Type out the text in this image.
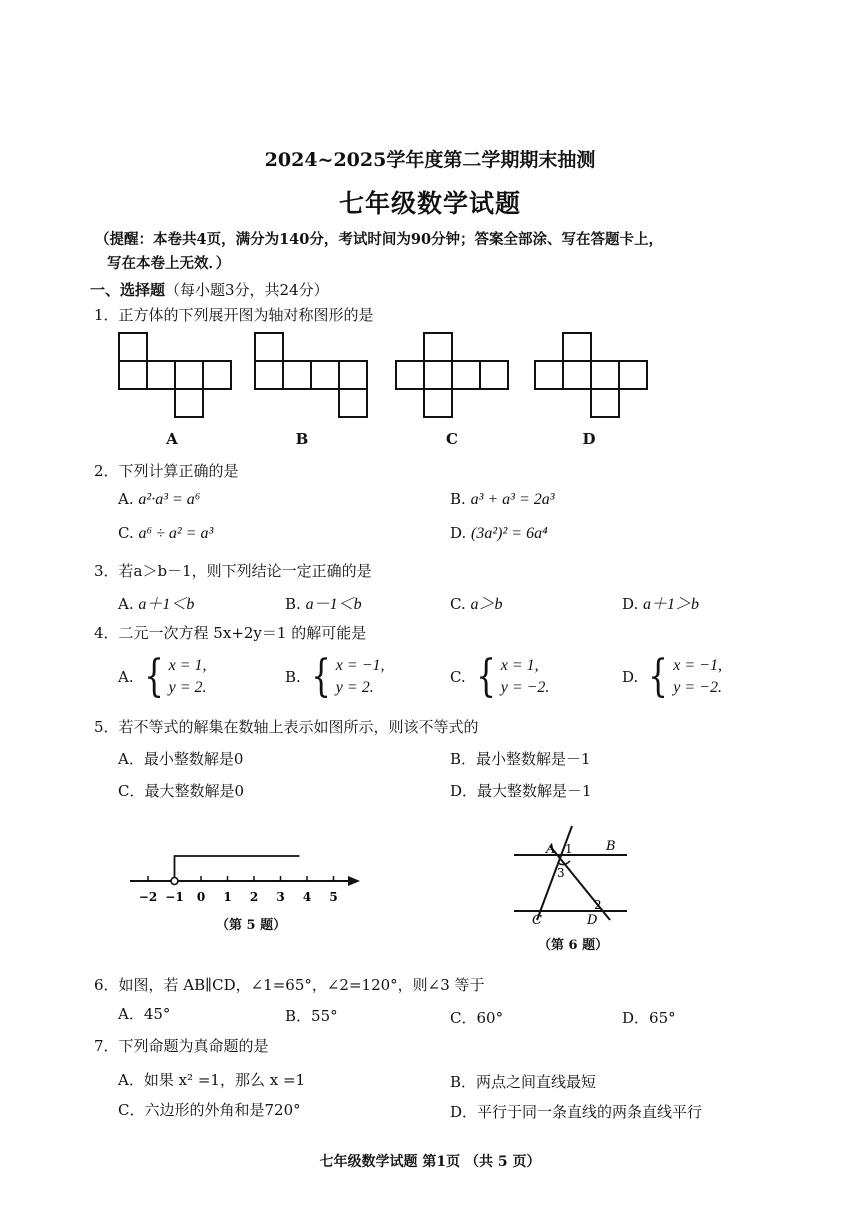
2024~2025学年度第二学期期末抽测
七年级数学试题
（提醒：本卷共4页，满分为140分，考试时间为90分钟；答案全部涂、写在答题卡上，
写在本卷上无效．）
一、选择题（每小题3分，共24分）
1．正方体的下列展开图为轴对称图形的是
A	B	C	D
2．下列计算正确的是
A. a²·a³ = a⁶	B. a³ + a³ = 2a³
C. a⁶ ÷ a² = a³	D. (3a²)² = 6a⁴
3．若a＞b－1，则下列结论一定正确的是
A. a＋1＜b	B. a－1＜b	C. a＞b	D. a＋1＞b
4．二元一次方程 5x+2y＝1 的解可能是
A. { x = 1,
y = 2.
B. { x = −1,
y = 2.
C. { x = 1,
y = −2.
D. { x = −1,
y = −2.
5．若不等式的解集在数轴上表示如图所示，则该不等式的
A．最小整数解是0	B．最小整数解是－1
C．最大整数解是0	D．最大整数解是－1
−2 −1 0 1 2 3 4 5
（第 5 题）
A	B
C	D
1
2
3
（第 6 题）
6．如图，若 AB∥CD，∠1=65°，∠2=120°，则∠3 等于
A．45°	B．55°	C．60°	D．65°
7．下列命题为真命题的是
A．如果 x² =1，那么 x =1	B．两点之间直线最短
C．六边形的外角和是720°	D．平行于同一条直线的两条直线平行
七年级数学试题 第1页 （共 5 页）
